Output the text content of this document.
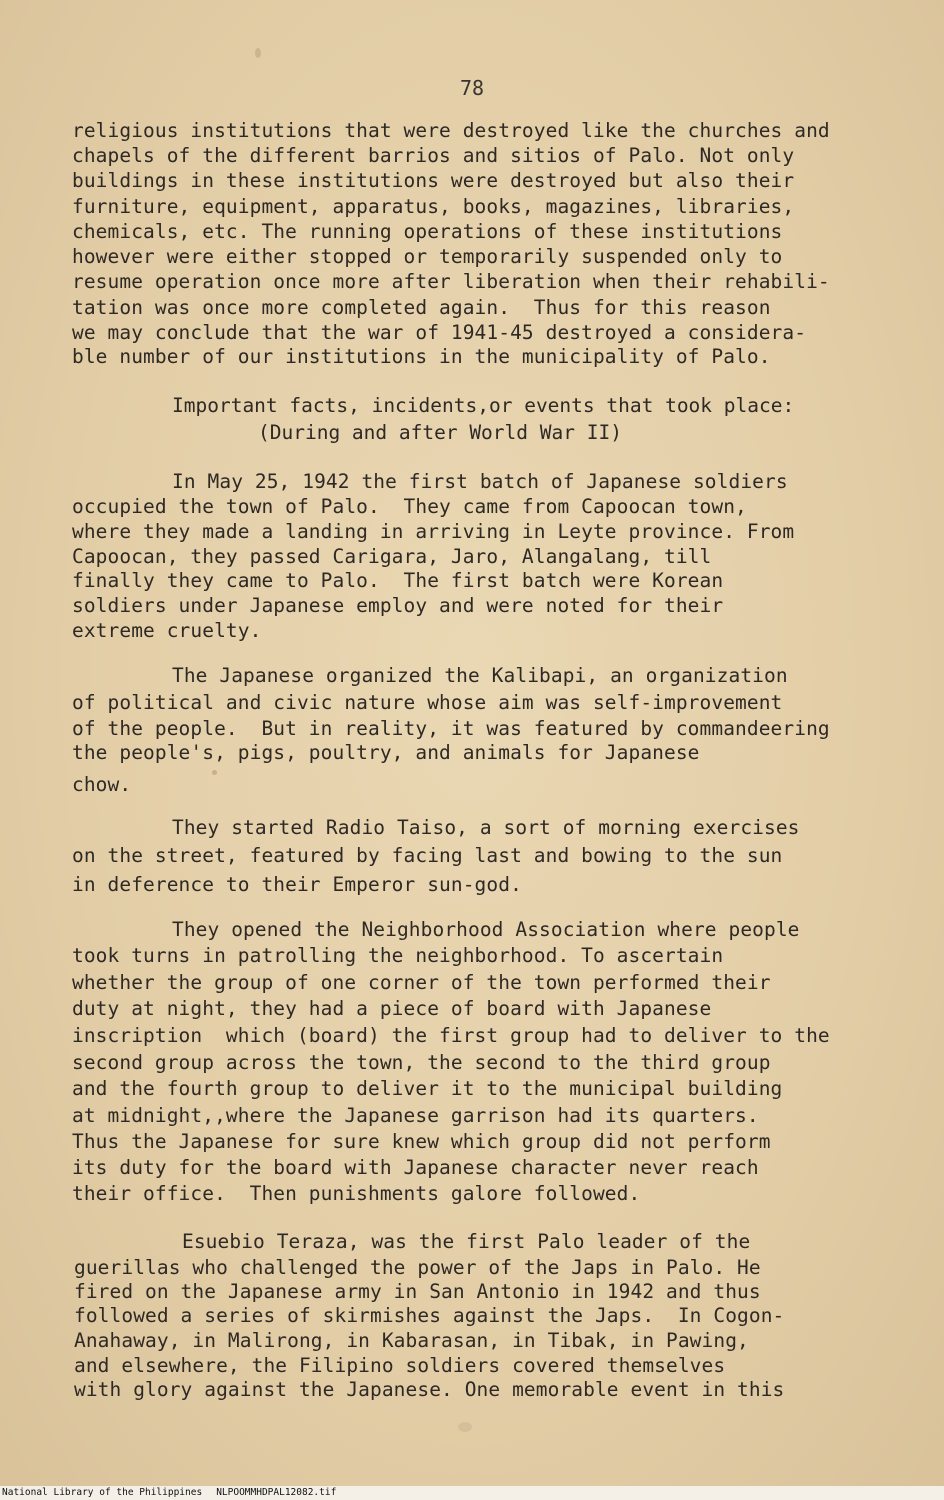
78
religious institutions that were destroyed like the churches and
chapels of the different barrios and sitios of Palo. Not only
buildings in these institutions were destroyed but also their
furniture, equipment, apparatus, books, magazines, libraries,
chemicals, etc. The running operations of these institutions
however were either stopped or temporarily suspended only to
resume operation once more after liberation when their rehabili-
tation was once more completed again.  Thus for this reason
we may conclude that the war of 1941-45 destroyed a considera-
ble number of our institutions in the municipality of Palo.
Important facts, incidents,or events that took place:
(During and after World War II)
In May 25, 1942 the first batch of Japanese soldiers
occupied the town of Palo.  They came from Capoocan town,
where they made a landing in arriving in Leyte province. From
Capoocan, they passed Carigara, Jaro, Alangalang, till
finally they came to Palo.  The first batch were Korean
soldiers under Japanese employ and were noted for their
extreme cruelty.
The Japanese organized the Kalibapi, an organization
of political and civic nature whose aim was self-improvement
of the people.  But in reality, it was featured by commandeering
the people's, pigs, poultry, and animals for Japanese
chow.
They started Radio Taiso, a sort of morning exercises
on the street, featured by facing last and bowing to the sun
in deference to their Emperor sun-god.
They opened the Neighborhood Association where people
took turns in patrolling the neighborhood. To ascertain
whether the group of one corner of the town performed their
duty at night, they had a piece of board with Japanese
inscription  which (board) the first group had to deliver to the
second group across the town, the second to the third group
and the fourth group to deliver it to the municipal building
at midnight,,where the Japanese garrison had its quarters.
Thus the Japanese for sure knew which group did not perform
its duty for the board with Japanese character never reach
their office.  Then punishments galore followed.
Esuebio Teraza, was the first Palo leader of the
guerillas who challenged the power of the Japs in Palo. He
fired on the Japanese army in San Antonio in 1942 and thus
followed a series of skirmishes against the Japs.  In Cogon-
Anahaway, in Malirong, in Kabarasan, in Tibak, in Pawing,
and elsewhere, the Filipino soldiers covered themselves
with glory against the Japanese. One memorable event in this
National Library of the Philippines NLPOOMMHDPAL12082.tif
